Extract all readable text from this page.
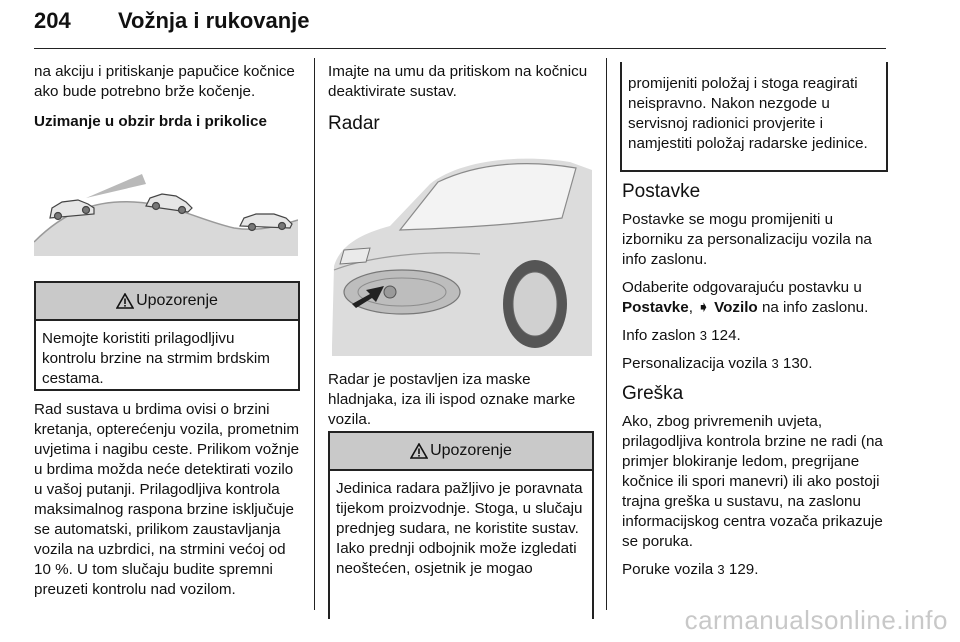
204 Vožnja i rukovanje

na akciju i pritiskanje papučice kočnice ako bude potrebno brže kočenje.

Uzimanje u obzir brda i prikolice

Upozorenje
Nemojte koristiti prilagodljivu kontrolu brzine na strmim brdskim cestama.

Rad sustava u brdima ovisi o brzini kretanja, opterećenju vozila, prometnim uvjetima i nagibu ceste. Prilikom vožnje u brdima možda neće detektirati vozilo u vašoj putanji. Prilagodljiva kontrola maksimalnog raspona brzine isključuje se automatski, prilikom zaustavljanja vozila na uzbrdici, na strmini većoj od 10 %. U tom slučaju budite spremni preuzeti kontrolu nad vozilom.

Imajte na umu da pritiskom na kočnicu deaktivirate sustav.

Radar

Radar je postavljen iza maske hladnjaka, iza ili ispod oznake marke vozila.

Upozorenje
Jedinica radara pažljivo je poravnata tijekom proizvodnje. Stoga, u slučaju prednjeg sudara, ne koristite sustav. Iako prednji odbojnik može izgledati neoštećen, osjetnik je mogao
promijeniti položaj i stoga reagirati neispravno. Nakon nezgode u servisnoj radionici provjerite i namjestiti položaj radarske jedinice.
Postavke

Postavke se mogu promijeniti u izborniku za personalizaciju vozila na info zaslonu.

Odaberite odgovarajuću postavku u
Postavke, ➧ Vozilo na info zaslonu.

Info zaslon 3 124.

Personalizacija vozila 3 130.

Greška

Ako, zbog privremenih uvjeta, prilagodljiva kontrola brzine ne radi (na primjer blokiranje ledom, pregrijane kočnice ili spori manevri) ili ako postoji trajna greška u sustavu, na zaslonu informacijskog centra vozača prikazuje se poruka.

Poruke vozila 3 129.

carmanualsonline.info
